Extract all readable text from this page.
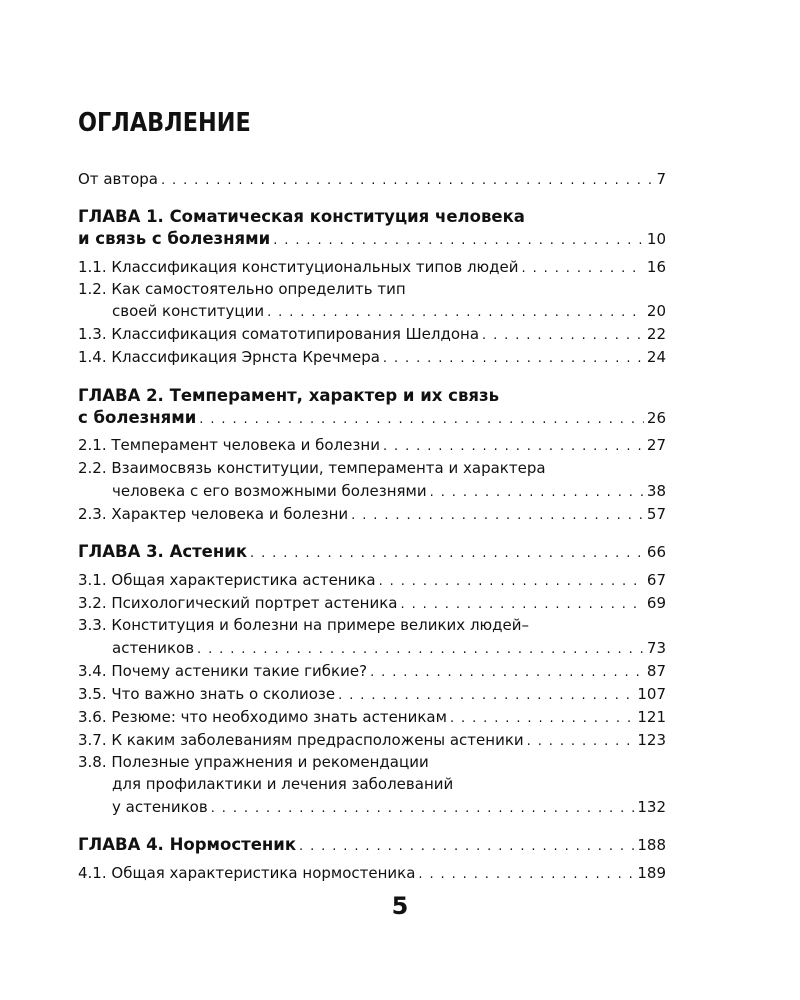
ОГЛАВЛЕНИЕ
От автора . . .	7
ГЛАВА 1. Соматическая конституция человека
и связь с болезнями . . .	10
1.1. Классификация конституциональных типов людей . . .	16
1.2. Как самостоятельно определить тип
своей конституции . . .	20
1.3. Классификация соматотипирования Шелдона . . .	22
1.4. Классификация Эрнста Кречмера . . .	24
ГЛАВА 2. Темперамент, характер и их связь
с болезнями . . .	26
2.1. Темперамент человека и болезни . . .	27
2.2. Взаимосвязь конституции, темперамента и характера
человека с его возможными болезнями . . .	38
2.3. Характер человека и болезни . . .	57
ГЛАВА 3. Астеник . . .	66
3.1. Общая характеристика астеника . . .	67
3.2. Психологический портрет астеника . . .	69
3.3. Конституция и болезни на примере великих людей–
астеников . . .	73
3.4. Почему астеники такие гибкие? . . .	87
3.5. Что важно знать о сколиозе . . .	107
3.6. Резюме: что необходимо знать астеникам . . .	121
3.7. К каким заболеваниям предрасположены астеники . . .	123
3.8. Полезные упражнения и рекомендации
для профилактики и лечения заболеваний
у астеников . . .	132
ГЛАВА 4. Нормостеник . . .	188
4.1. Общая характеристика нормостеника . . .	189
5
